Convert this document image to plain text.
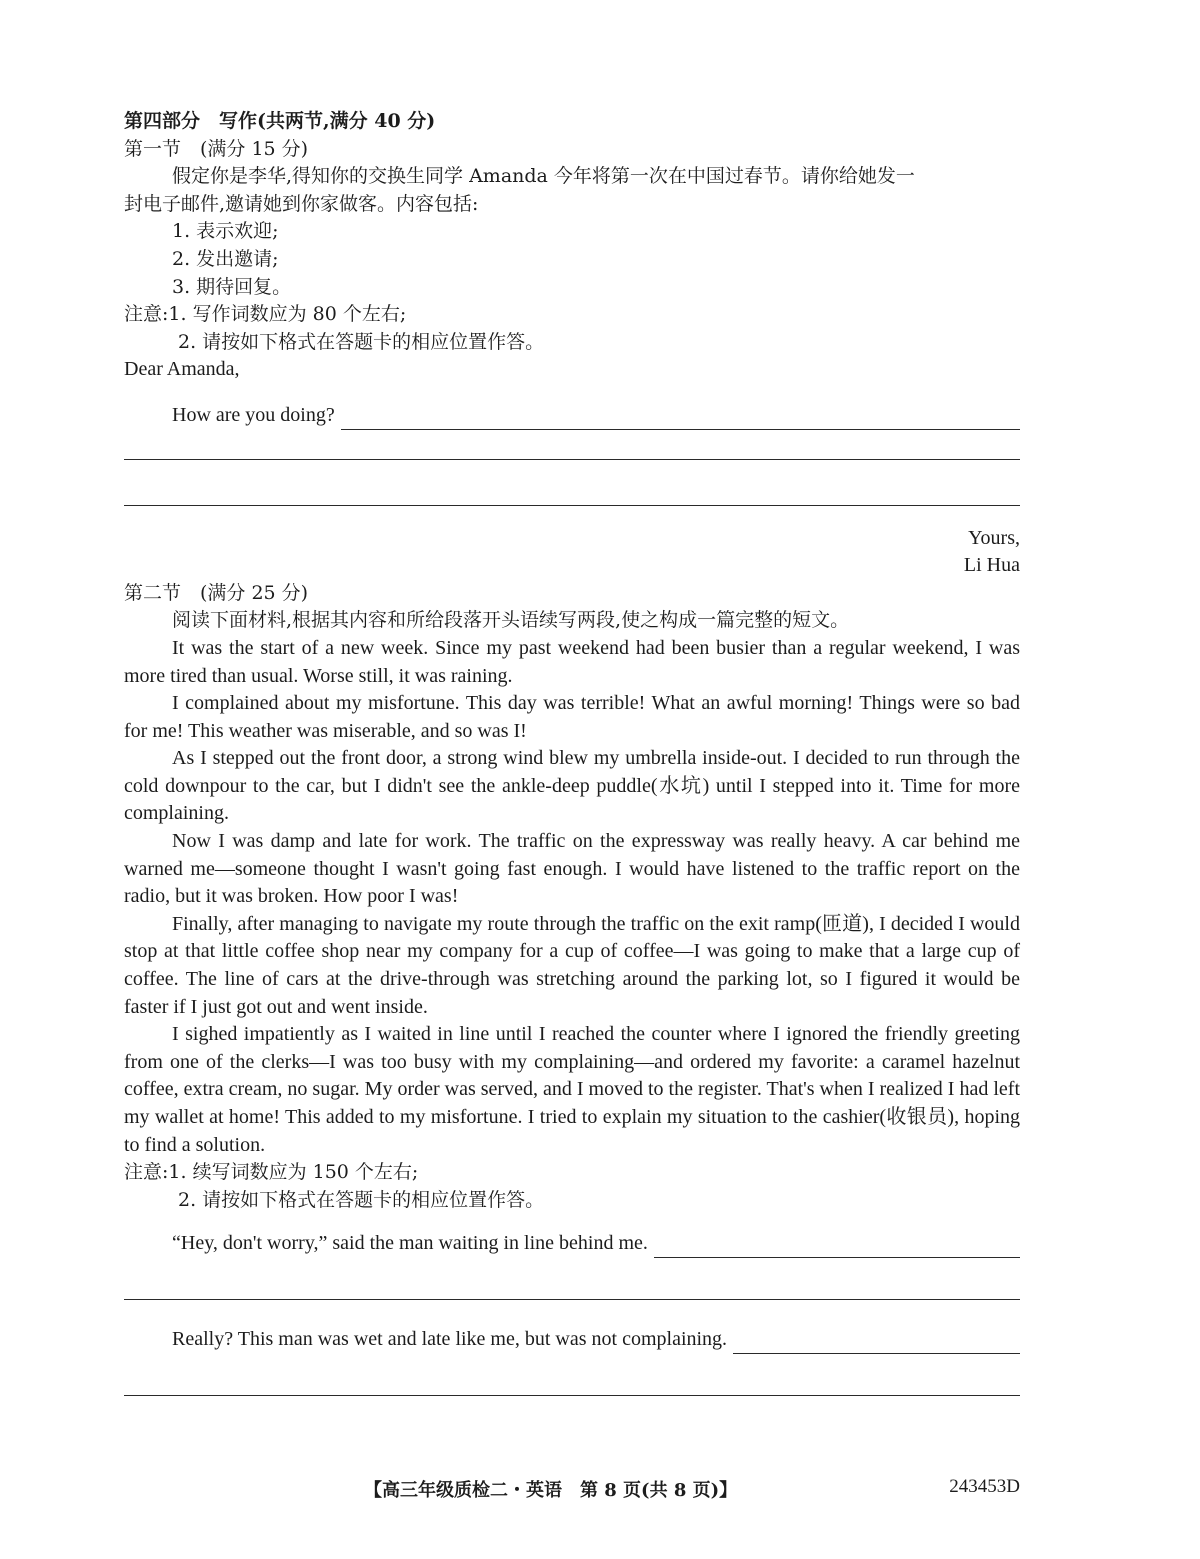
第四部分　写作(共两节,满分 40 分)
第一节　(满分 15 分)
假定你是李华,得知你的交换生同学 Amanda 今年将第一次在中国过春节。请你给她发一
封电子邮件,邀请她到你家做客。内容包括:
1. 表示欢迎;
2. 发出邀请;
3. 期待回复。
注意:1. 写作词数应为 80 个左右;
2. 请按如下格式在答题卡的相应位置作答。
Dear Amanda,
How are you doing?
Yours,
Li Hua
第二节　(满分 25 分)
阅读下面材料,根据其内容和所给段落开头语续写两段,使之构成一篇完整的短文。
It was the start of a new week. Since my past weekend had been busier than a regular weekend, I was more tired than usual. Worse still, it was raining.
I complained about my misfortune. This day was terrible! What an awful morning! Things were so bad for me! This weather was miserable, and so was I!
As I stepped out the front door, a strong wind blew my umbrella inside-out. I decided to run through the cold downpour to the car, but I didn't see the ankle-deep puddle(水坑) until I stepped into it. Time for more complaining.
Now I was damp and late for work. The traffic on the expressway was really heavy. A car behind me warned me—someone thought I wasn't going fast enough. I would have listened to the traffic report on the radio, but it was broken. How poor I was!
Finally, after managing to navigate my route through the traffic on the exit ramp(匝道), I decided I would stop at that little coffee shop near my company for a cup of coffee—I was going to make that a large cup of coffee. The line of cars at the drive-through was stretching around the parking lot, so I figured it would be faster if I just got out and went inside.
I sighed impatiently as I waited in line until I reached the counter where I ignored the friendly greeting from one of the clerks—I was too busy with my complaining—and ordered my favorite: a caramel hazelnut coffee, extra cream, no sugar. My order was served, and I moved to the register. That's when I realized I had left my wallet at home! This added to my misfortune. I tried to explain my situation to the cashier(收银员), hoping to find a solution.
注意:1. 续写词数应为 150 个左右;
2. 请按如下格式在答题卡的相应位置作答。
“Hey, don't worry,” said the man waiting in line behind me.
Really? This man was wet and late like me, but was not complaining.
【高三年级质检二・英语　第 8 页(共 8 页)】	243453D
